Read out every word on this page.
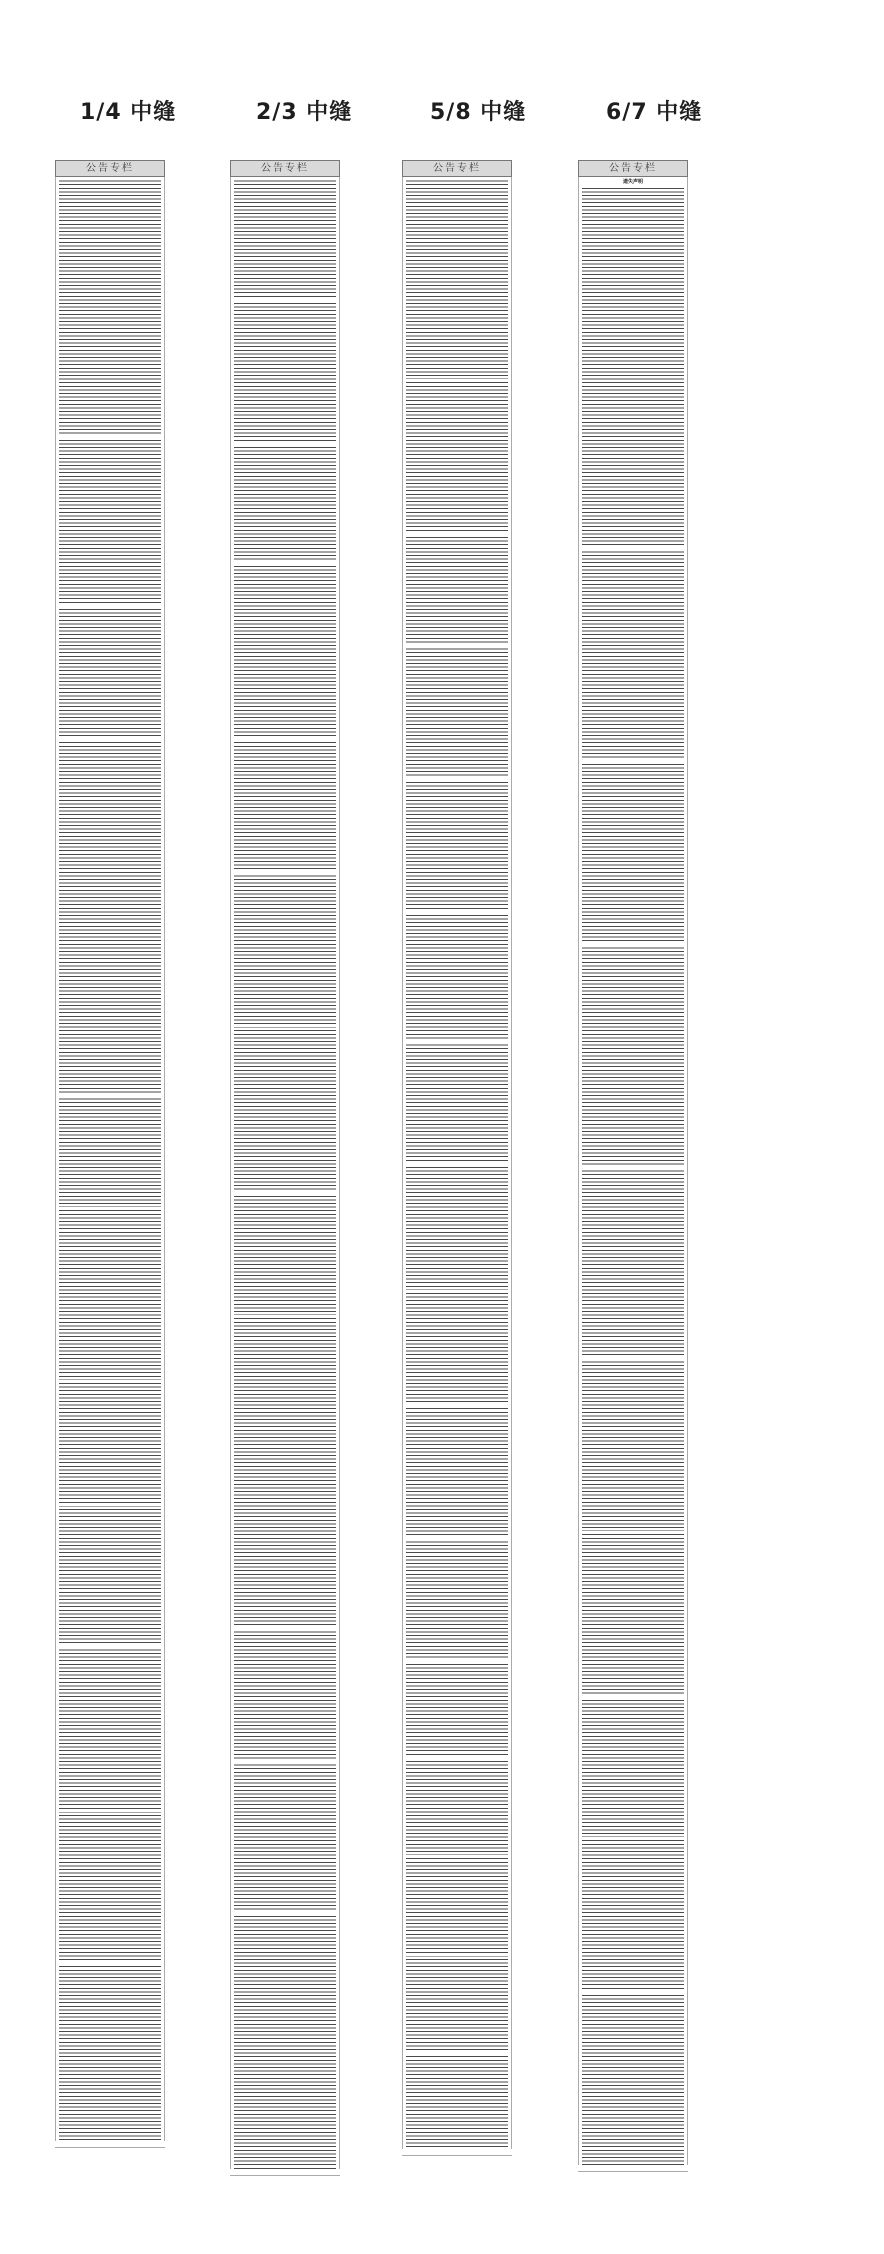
1/4 中缝	2/3 中缝	5/8 中缝	6/7 中缝
公告专栏	公告专栏	公告专栏	公告专栏
遗失声明
